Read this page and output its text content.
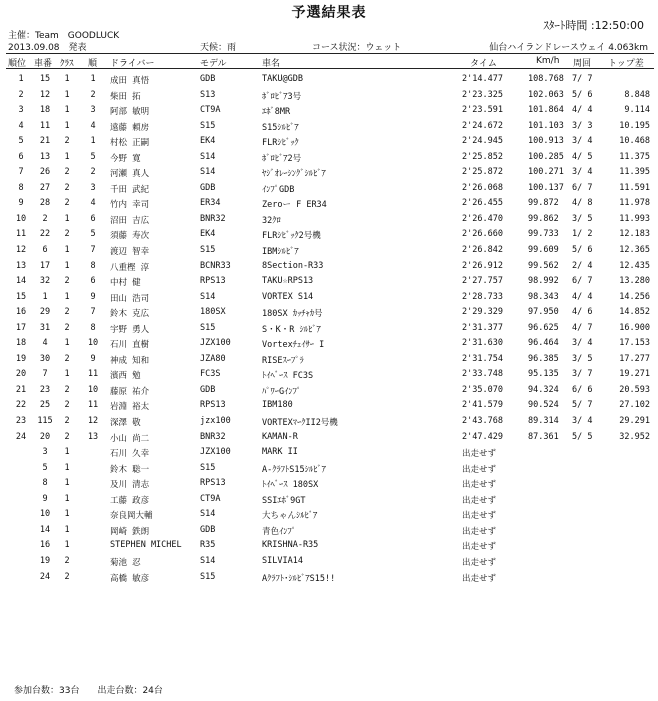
予選結果表
ｽﾀｰﾄ時間 :12:50:00
主催：Team　GOODLUCK
2013.09.08　発表	天候：雨	コース状況：ウェット	仙台ハイランドレースウェイ 4.063km
順位 車番 ｸﾗｽ 順 ドライバー	モデル	車名	タイム	Km/h 周回 トップ差
1	15	1	1	成田 真悟	GDB	TAKU@GDB	2'14.477	108.768 7/ 7
2	12	1	2	柴田 拓	S13	ﾎﾞﾛﾋﾞｱ3号	2'23.325	102.063 5/ 6	8.848
3	18	1	3	阿部 敏明	CT9A	ｴﾎﾞ8MR	2'23.591	101.864 4/ 4	9.114
4	11	1	4	遠藤 頼房	S15	S15ｼﾙﾋﾞｱ	2'24.672	101.103 3/ 3	10.195
5	21	2	1	村松 正嗣	EK4	FLRｼﾋﾞｯｸ	2'24.945	100.913 3/ 4	10.468
6	13	1	5	今野 寛	S14	ﾎﾞﾛﾋﾞｱ2号	2'25.852	100.285 4/ 5	11.375
7	26	2	2	河瀬 真人	S14	ﾔｼﾞｵﾚｰｼﾝｸﾞｼﾙﾋﾞｱ	2'25.872	100.271 3/ 4	11.395
8	27	2	3	千田 武紀	GDB	ｲﾝﾌﾟGDB	2'26.068	100.137 6/ 7	11.591
9	28	2	4	竹内 幸司	ER34	Zeroー F ER34	2'26.455	99.872 4/ 8	11.978
10	2	1	6	沼田 吉広	BNR32	32ｸﾛ	2'26.470	99.862 3/ 5	11.993
11	22	2	5	須藤 寿次	EK4	FLRｼﾋﾞｯｸ2号機	2'26.660	99.733 1/ 2	12.183
12	6	1	7	渡辺 智幸	S15	IBMｼﾙﾋﾞｱ	2'26.842	99.609 5/ 6	12.365
13	17	1	8	八重樫 淳	BCNR33	8Section-R33	2'26.912	99.562 2/ 4	12.435
14	32	2	6	中村 健	RPS13	TAKU☆RPS13	2'27.757	98.992 6/ 7	13.280
15	1	1	9	田山 浩司	S14	VORTEX S14	2'28.733	98.343 4/ 4	14.256
16	29	2	7	鈴木 克広	180SX	180SX ｶｯﾁｬｶ号	2'29.329	97.950 4/ 6	14.852
17	31	2	8	宇野 勇人	S15	S・K・R ｼﾙﾋﾞｱ	2'31.377	96.625 4/ 7	16.900
18	4	1	10 石川 直樹	JZX100	Vortexﾁｪｲｻｰ I	2'31.630	96.464 3/ 4	17.153
19	30	2	9	神成 知和	JZA80	RISEｽｰﾌﾟﾗ	2'31.754	96.385 3/ 5	17.277
20	7	1	11 濱西 勉	FC3S	ﾄｲﾍﾞｰｽ FC3S	2'33.748	95.135 3/ 7	19.271
21	23	2	10 藤原 祐介	GDB	ﾊﾟﾜｰGｲﾝﾌﾟ	2'35.070	94.324 6/ 6	20.593
22	25	2	11 岩淵 裕太	RPS13	IBM180	2'41.579	90.524 5/ 7	27.102
23	115	2	12 深澤 敬	jzx100	VORTEXﾏｰｸII2号機	2'43.768	89.314 3/ 4	29.291
24	20	2	13 小山 尚二	BNR32	KAMAN-R	2'47.429	87.361 5/ 5	32.952
3	1	石川 久幸	JZX100	MARK II	出走せず
5	1	鈴木 聡一	S15	A-ｸﾗﾌﾄS15ｼﾙﾋﾞｱ	出走せず
8	1	及川 清志	RPS13	ﾄｲﾍﾞｰｽ 180SX	出走せず
9	1	工藤 政彦	CT9A	SSIｴﾎﾞ9GT	出走せず
10	1	奈良岡大輔	S14	大ちゃんｼﾙﾋﾞｱ	出走せず
14	1	岡崎 鉄朗	GDB	青色ｲﾝﾌﾟ	出走せず
16	1	STEPHEN MICHEL R35	KRISHNA-R35	出走せず
19	2	菊池 忍	S14	SILVIA14	出走せず
24	2	高橋 敏彦	S15	Aｸﾗﾌﾄ･ｼﾙﾋﾞｱS15!!	出走せず
参加台数：33台　　出走台数：24台
